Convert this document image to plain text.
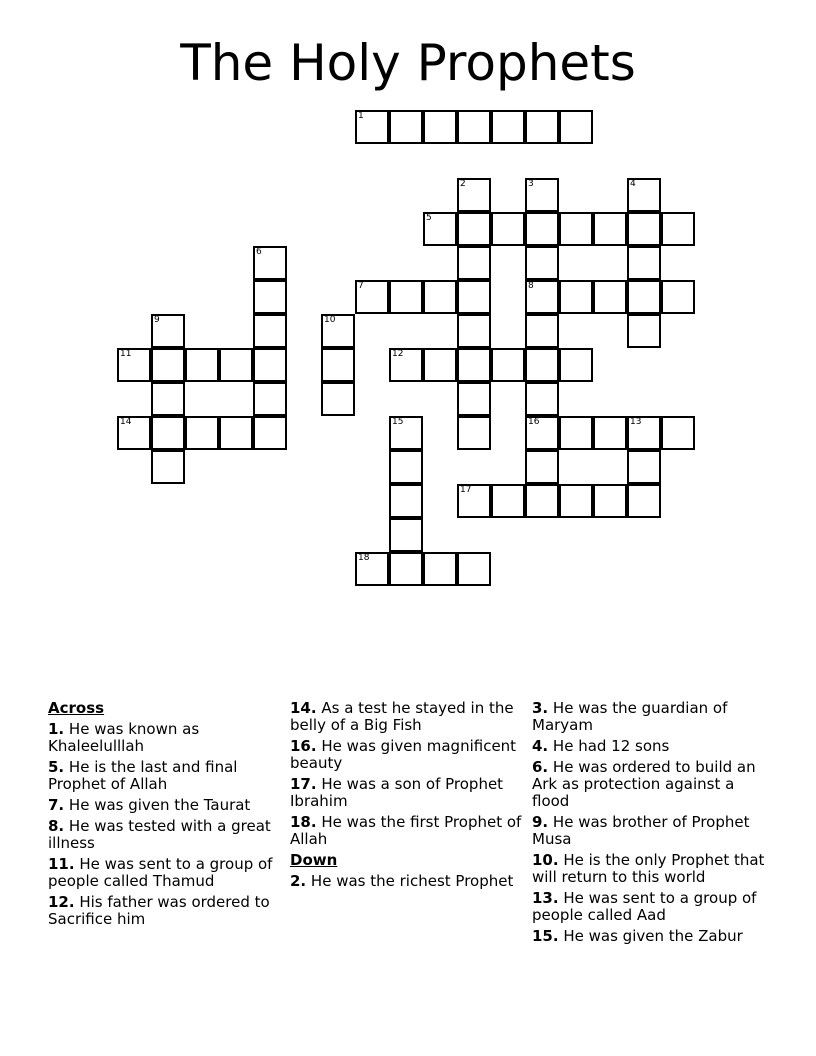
The Holy Prophets
1
2	3
8
16
4
5
6
7
9	10
11	12
13
14	15
17
18
Across
1. He was known as Khaleelulllah
5. He is the last and final Prophet of Allah
7. He was given the Taurat
8. He was tested with a great illness
11. He was sent to a group of people called Thamud
12. His father was ordered to Sacrifice him
14. As a test he stayed in the belly of a Big Fish
16. He was given magnificent beauty
17. He was a son of Prophet Ibrahim
18. He was the first Prophet of Allah
Down
2. He was the richest Prophet
3. He was the guardian of Maryam
4. He had 12 sons
6. He was ordered to build an Ark as protection against a flood
9. He was brother of Prophet Musa
10. He is the only Prophet that will return to this world
13. He was sent to a group of people called Aad
15. He was given the Zabur
